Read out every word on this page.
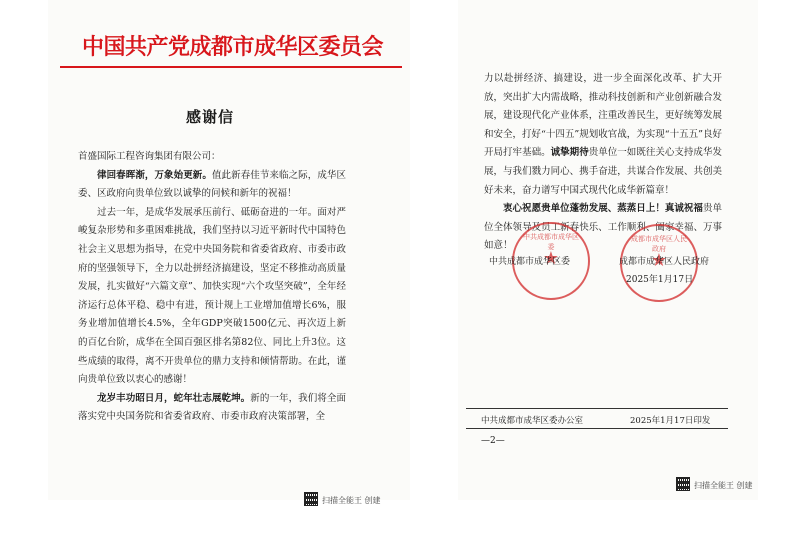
中国共产党成都市成华区委员会
感谢信

首盛国际工程咨询集团有限公司：

律回春晖渐，万象始更新。值此新春佳节来临之际，成华区委、区政府向贵单位致以诚挚的问候和新年的祝福！

过去一年，是成华发展承压前行、砥砺奋进的一年。面对严峻复杂形势和多重困难挑战，我们坚持以习近平新时代中国特色社会主义思想为指导，在党中央国务院和省委省政府、市委市政府的坚强领导下，全力以赴拼经济搞建设，坚定不移推动高质量发展，扎实做好“六篇文章”、加快实现“六个攻坚突破”，全年经济运行总体平稳、稳中有进，预计规上工业增加值增长6%，服务业增加值增长4.5%，全年GDP突破1500亿元、再次迈上新的百亿台阶，成华在全国百强区排名第82位、同比上升3位。这些成绩的取得，离不开贵单位的鼎力支持和倾情帮助。在此，谨向贵单位致以衷心的感谢！

龙岁丰功昭日月，蛇年壮志展乾坤。新的一年，我们将全面落实党中央国务院和省委省政府、市委市政府决策部署，全

力以赴拼经济、搞建设，进一步全面深化改革、扩大开放，突出扩大内需战略，推动科技创新和产业创新融合发展，建设现代化产业体系，注重改善民生，更好统筹发展和安全，打好“十四五”规划收官战，为实现“十五五”良好开局打牢基础。诚挚期待贵单位一如既往关心支持成华发展，与我们戮力同心、携手奋进，共谋合作发展、共创美好未来，奋力谱写中国式现代化成华新篇章！

衷心祝愿贵单位蓬勃发展、蒸蒸日上！真诚祝福贵单位全体领导及员工新春快乐、工作顺利、阖家幸福、万事如意！

中共成都市成华区委
★
成都市成华区人民政府
★
中共成都市成华区委	成都市成华区人民政府
2025年1月17日
中共成都市成华区委办公室	2025年1月17日印发
—2—
扫描全能王 创建
扫描全能王 创建
